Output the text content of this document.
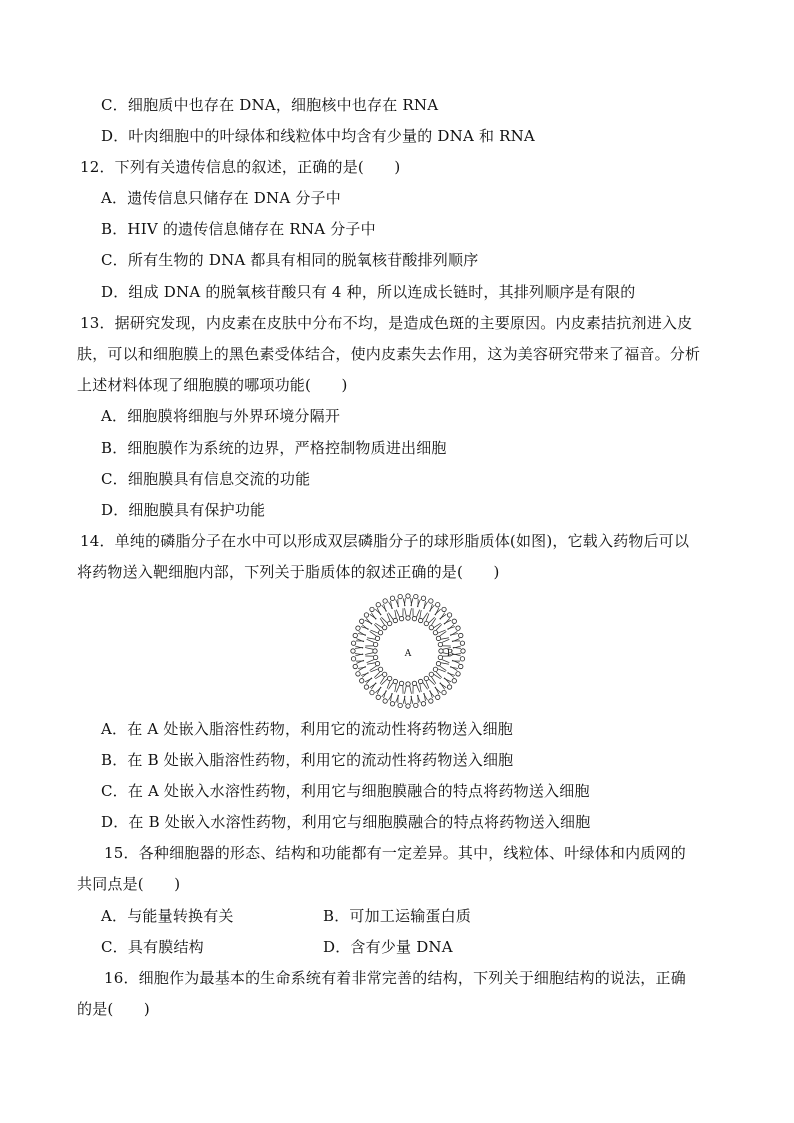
C．细胞质中也存在 DNA，细胞核中也存在 RNA
D．叶肉细胞中的叶绿体和线粒体中均含有少量的 DNA 和 RNA
12．下列有关遗传信息的叙述，正确的是(　　)
A．遗传信息只储存在 DNA 分子中
B．HIV 的遗传信息储存在 RNA 分子中
C．所有生物的 DNA 都具有相同的脱氧核苷酸排列顺序
D．组成 DNA 的脱氧核苷酸只有 4 种，所以连成长链时，其排列顺序是有限的
13．据研究发现，内皮素在皮肤中分布不均，是造成色斑的主要原因。内皮素拮抗剂进入皮
肤，可以和细胞膜上的黑色素受体结合，使内皮素失去作用，这为美容研究带来了福音。分析
上述材料体现了细胞膜的哪项功能(　　)
A．细胞膜将细胞与外界环境分隔开
B．细胞膜作为系统的边界，严格控制物质进出细胞
C．细胞膜具有信息交流的功能
D．细胞膜具有保护功能
14．单纯的磷脂分子在水中可以形成双层磷脂分子的球形脂质体(如图)，它载入药物后可以
将药物送入靶细胞内部，下列关于脂质体的叙述正确的是(　　)
A	B
A．在 A 处嵌入脂溶性药物，利用它的流动性将药物送入细胞
B．在 B 处嵌入脂溶性药物，利用它的流动性将药物送入细胞
C．在 A 处嵌入水溶性药物，利用它与细胞膜融合的特点将药物送入细胞
D．在 B 处嵌入水溶性药物，利用它与细胞膜融合的特点将药物送入细胞
15．各种细胞器的形态、结构和功能都有一定差异。其中，线粒体、叶绿体和内质网的
共同点是(　　)
A．与能量转换有关	B．可加工运输蛋白质
C．具有膜结构	D．含有少量 DNA
16．细胞作为最基本的生命系统有着非常完善的结构，下列关于细胞结构的说法，正确
的是(　　)
